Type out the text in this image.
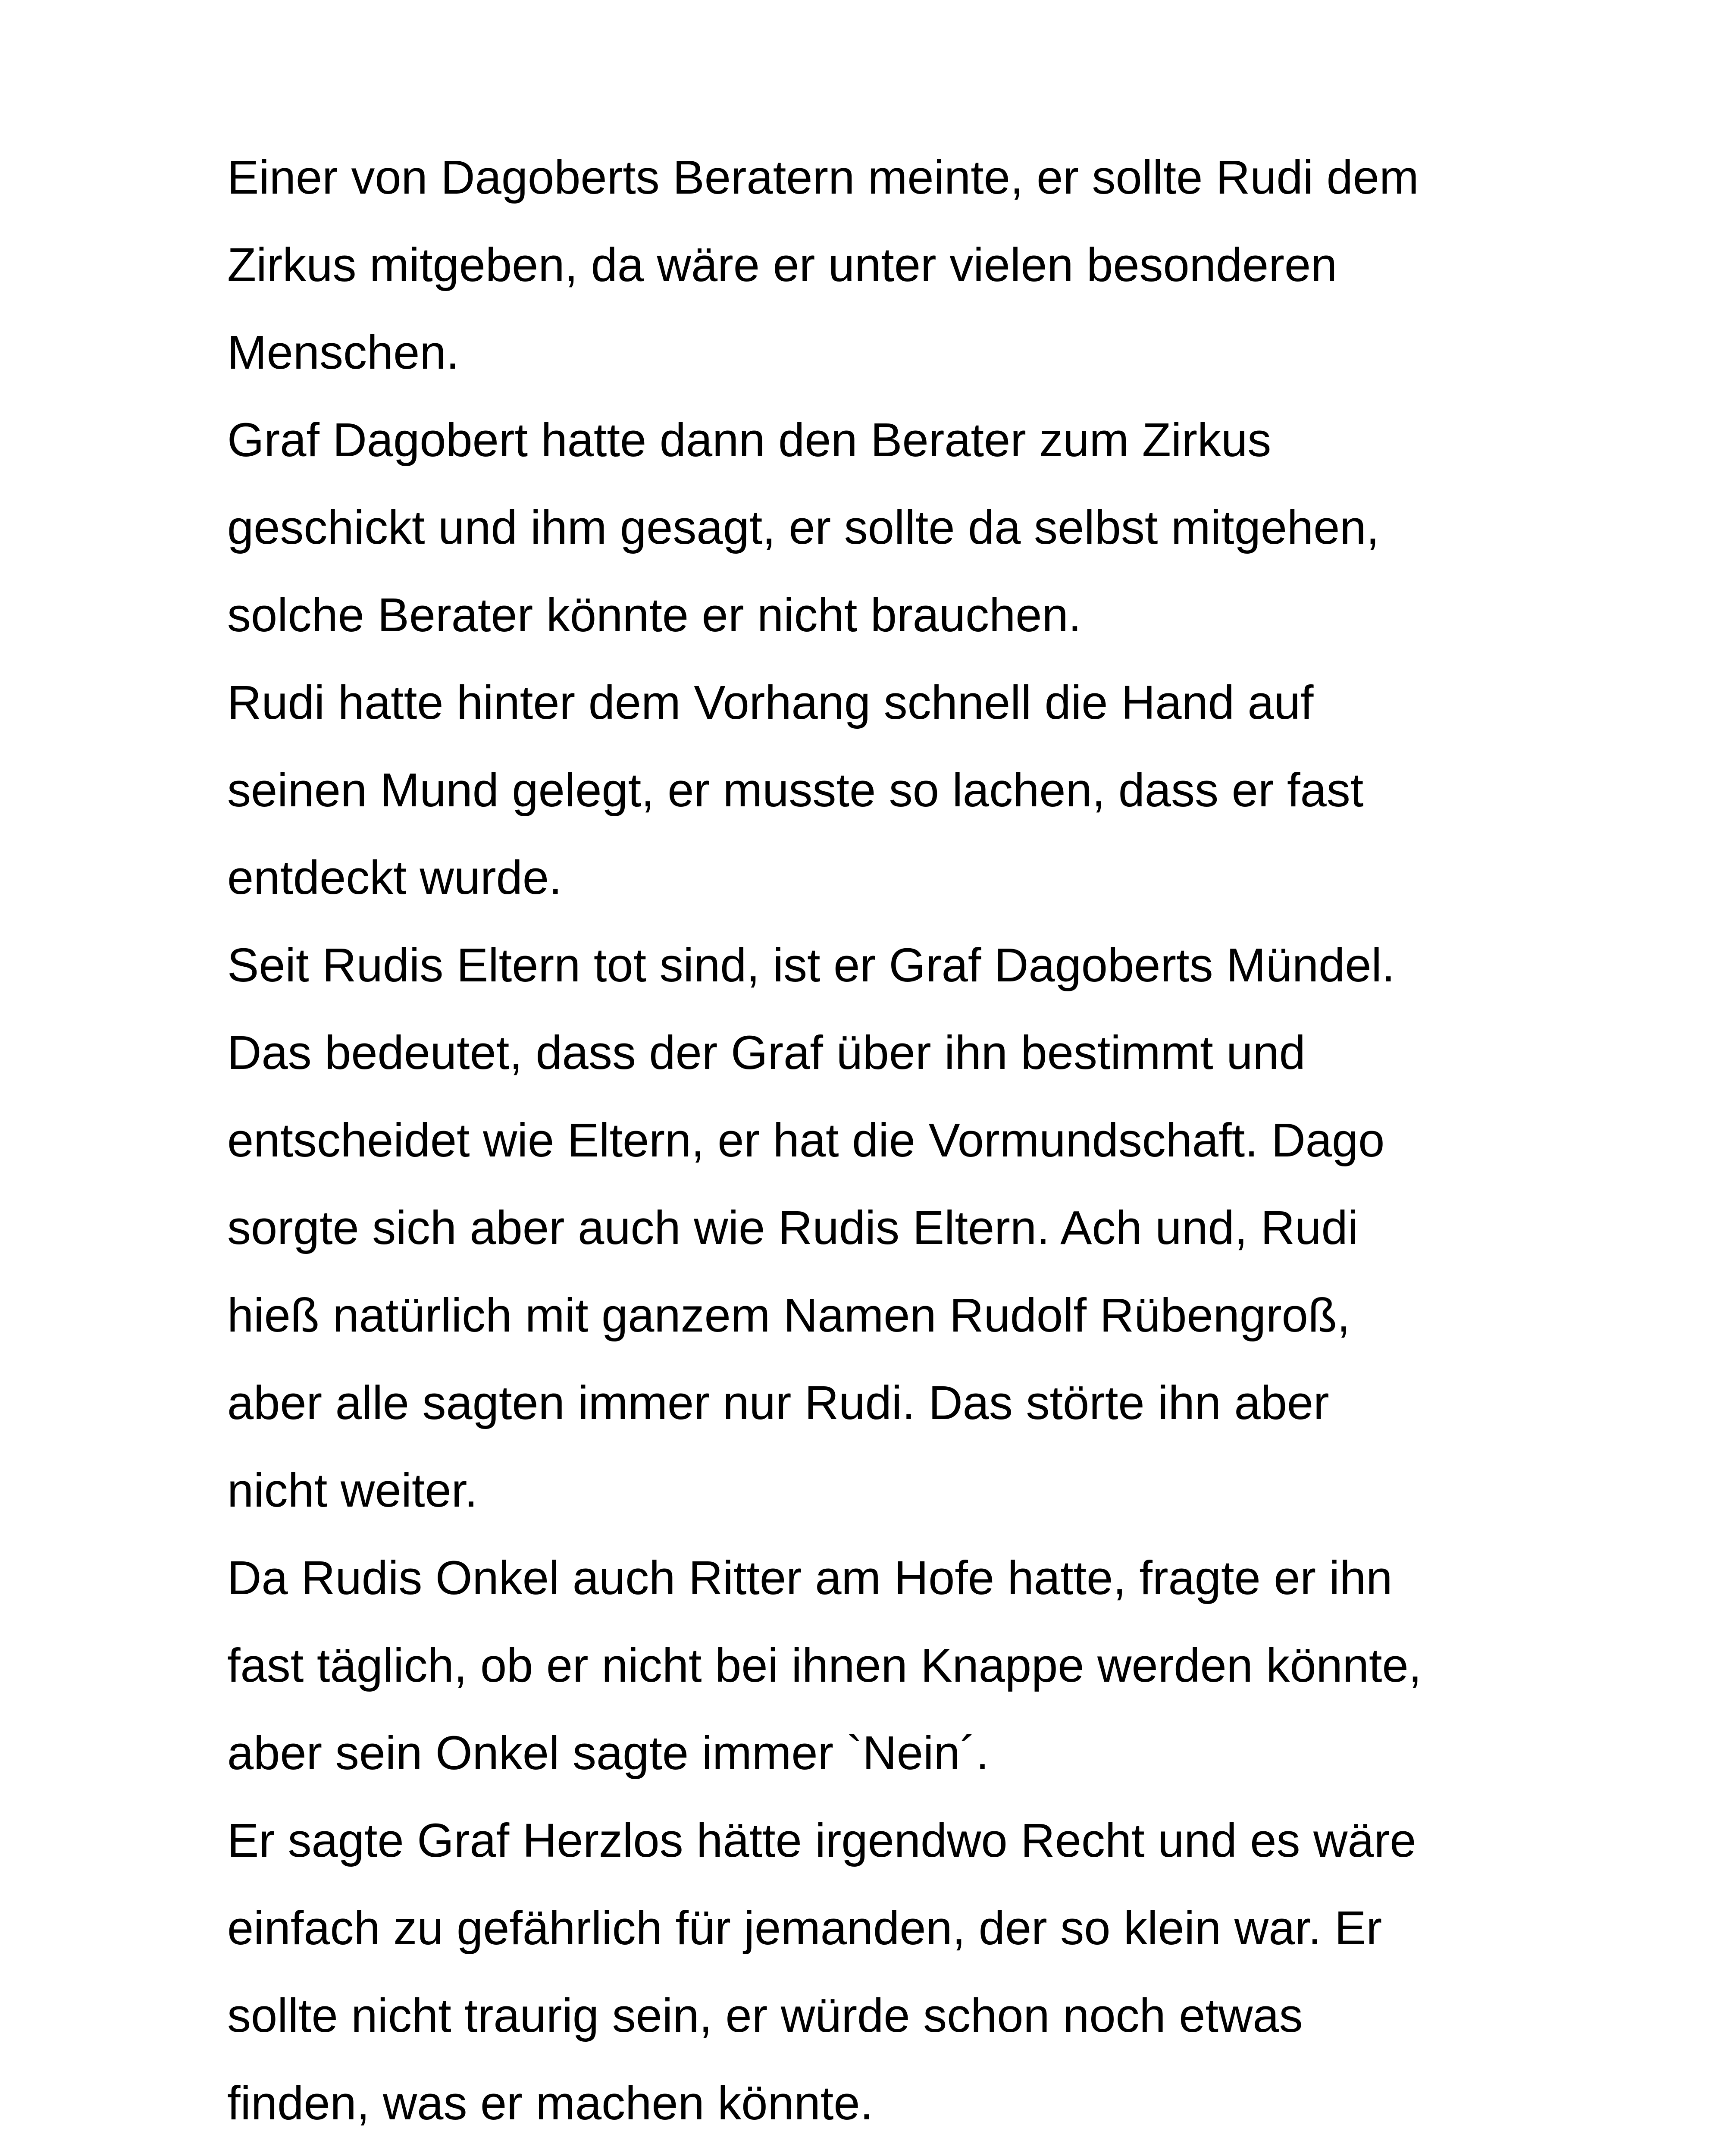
Einer von Dagoberts Beratern meinte, er sollte Rudi dem
Zirkus mitgeben, da wäre er unter vielen besonderen
Menschen.
Graf Dagobert hatte dann den Berater zum Zirkus
geschickt und ihm gesagt, er sollte da selbst mitgehen,
solche Berater könnte er nicht brauchen.
Rudi hatte hinter dem Vorhang schnell die Hand auf
seinen Mund gelegt, er musste so lachen, dass er fast
entdeckt wurde.
Seit Rudis Eltern tot sind, ist er Graf Dagoberts Mündel.
Das bedeutet, dass der Graf über ihn bestimmt und
entscheidet wie Eltern, er hat die Vormundschaft. Dago
sorgte sich aber auch wie Rudis Eltern. Ach und, Rudi
hieß natürlich mit ganzem Namen Rudolf Rübengroß,
aber alle sagten immer nur Rudi. Das störte ihn aber
nicht weiter.
Da Rudis Onkel auch Ritter am Hofe hatte, fragte er ihn
fast täglich, ob er nicht bei ihnen Knappe werden könnte,
aber sein Onkel sagte immer `Nein´.
Er sagte Graf Herzlos hätte irgendwo Recht und es wäre
einfach zu gefährlich für jemanden, der so klein war. Er
sollte nicht traurig sein, er würde schon noch etwas
finden, was er machen könnte.
